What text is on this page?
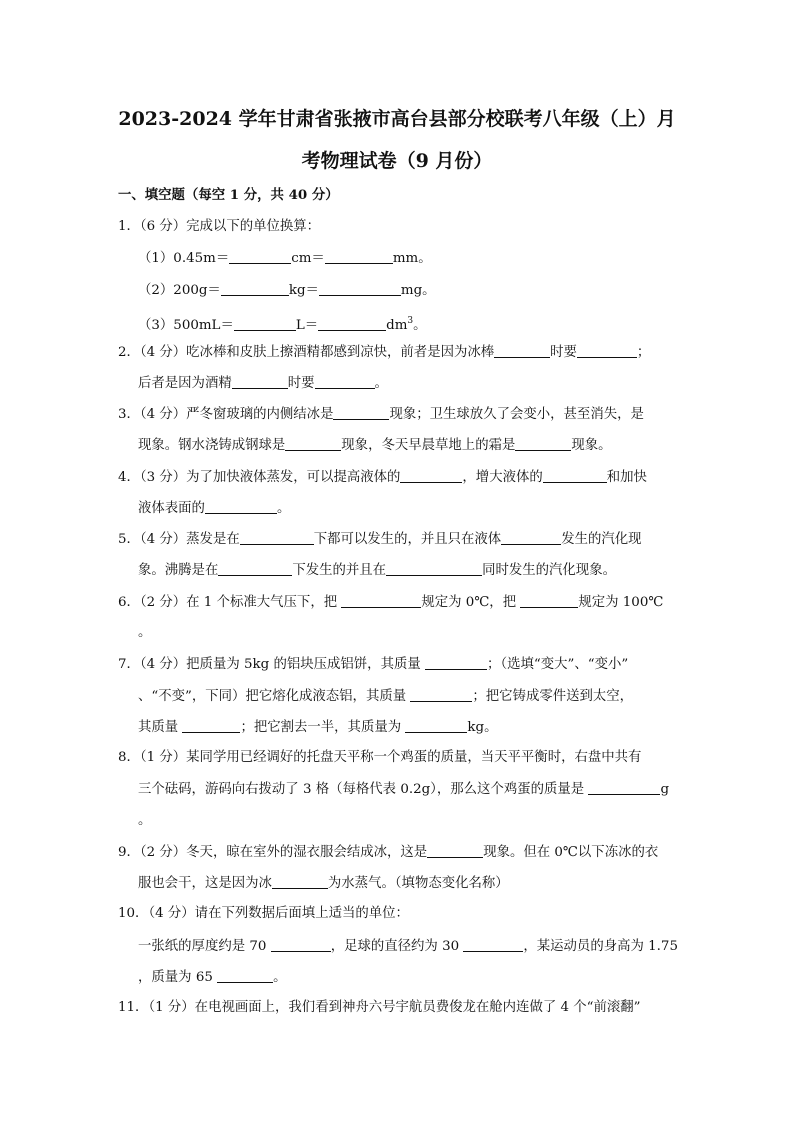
2023-2024 学年甘肃省张掖市高台县部分校联考八年级（上）月
考物理试卷（9 月份）
一、填空题（每空 1 分，共 40 分）
1．（6 分）完成以下的单位换算：
（1）0.45m＝	cm＝	mm。
（2）200g＝	kg＝	mg。
（3）500mL＝	L＝	$dm^3$。
2．（4 分）吃冰棒和皮肤上擦酒精都感到凉快，前者是因为冰棒	时要	；
后者是因为酒精	时要	。
3．（4 分）严冬窗玻璃的内侧结冰是	现象；卫生球放久了会变小，甚至消失，是
现象。钢水浇铸成钢球是	现象，冬天早晨草地上的霜是	现象。
4．（3 分）为了加快液体蒸发，可以提高液体的	，增大液体的	和加快
液体表面的	。
5．（4 分）蒸发是在	下都可以发生的，并且只在液体	发生的汽化现
象。沸腾是在	下发生的并且在	同时发生的汽化现象。
6．（2 分）在 1 个标准大气压下，把	规定为 0℃，把	规定为 100℃
。
7．（4 分）把质量为 5kg 的铝块压成铝饼，其质量	；（选填“变大”、“变小”
、“不变”，下同）把它熔化成液态铝，其质量	；把它铸成零件送到太空，
其质量	；把它割去一半，其质量为	kg。
8．（1 分）某同学用已经调好的托盘天平称一个鸡蛋的质量，当天平平衡时，右盘中共有
三个砝码，游码向右拨动了 3 格（每格代表 0.2g），那么这个鸡蛋的质量是	g
。
9．（2 分）冬天，晾在室外的湿衣服会结成冰，这是	现象。但在 0℃以下冻冰的衣
服也会干，这是因为冰	为水蒸气。（填物态变化名称）
10．（4 分）请在下列数据后面填上适当的单位：
一张纸的厚度约是 70	，足球的直径约为 30	，某运动员的身高为 1.75
，质量为 65	。
11．（1 分）在电视画面上，我们看到神舟六号宇航员费俊龙在舱内连做了 4 个“前滚翻”
